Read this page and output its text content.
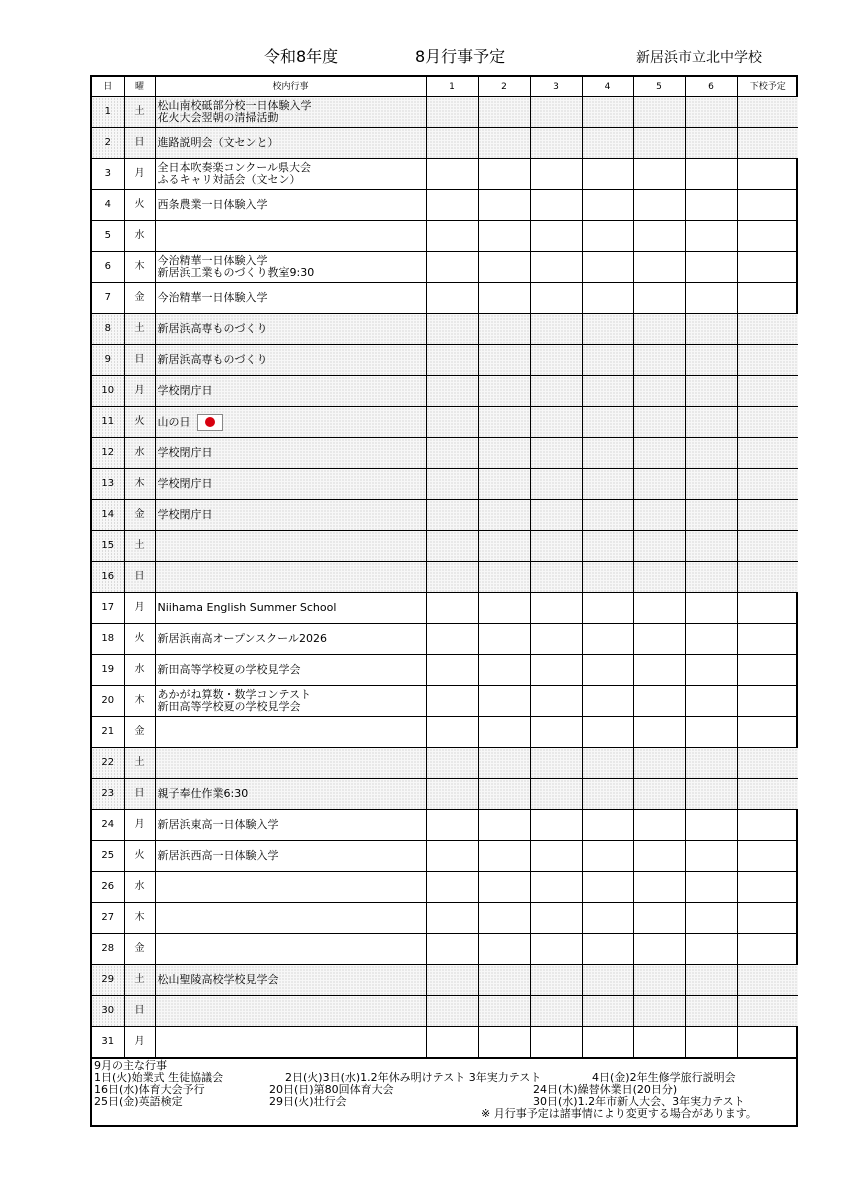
令和8年度	8月行事予定	新居浜市立北中学校
日	曜	校内行事	1	2	3	4	5	6	下校予定
1	土	松山南校砥部分校一日体験入学
花火大会翌朝の清掃活動							

2	日	進路説明会（文センと）							

3	月	全日本吹奏楽コンクール県大会
ふるキャリ対話会（文セン）							

4	火	西条農業一日体験入学							

5	水								
6	木	今治精華一日体験入学
新居浜工業ものづくり教室9:30							

7	金	今治精華一日体験入学							

8	土	新居浜高専ものづくり							

9	日	新居浜高専ものづくり							

10	月	学校閉庁日							

11	火	山の日

12	水	学校閉庁日							

13	木	学校閉庁日							

14	金	学校閉庁日							

15	土								
16	日								
17	月	Niihama English Summer School							

18	火	新居浜南高オープンスクール2026							

19	水	新田高等学校夏の学校見学会							

20	木	あかがね算数・数学コンテスト
新田高等学校夏の学校見学会							

21	金								
22	土								
23	日	親子奉仕作業6:30							

24	月	新居浜東高一日体験入学							

25	火	新居浜西高一日体験入学							

26	水								
27	木								
28	金								
29	土	松山聖陵高校学校見学会							

30	日								
31	月								
9月の主な行事
1日(火)始業式 生徒協議会	2日(火)3日(水)1.2年休み明けテスト 3年実力テスト	4日(金)2年生修学旅行説明会
16日(水)体育大会予行	20日(日)第80回体育大会	24日(木)繰替休業日(20日分)
25日(金)英語検定	29日(火)壮行会	30日(水)1.2年市新人大会、3年実力テスト
※ 月行事予定は諸事情により変更する場合があります。
